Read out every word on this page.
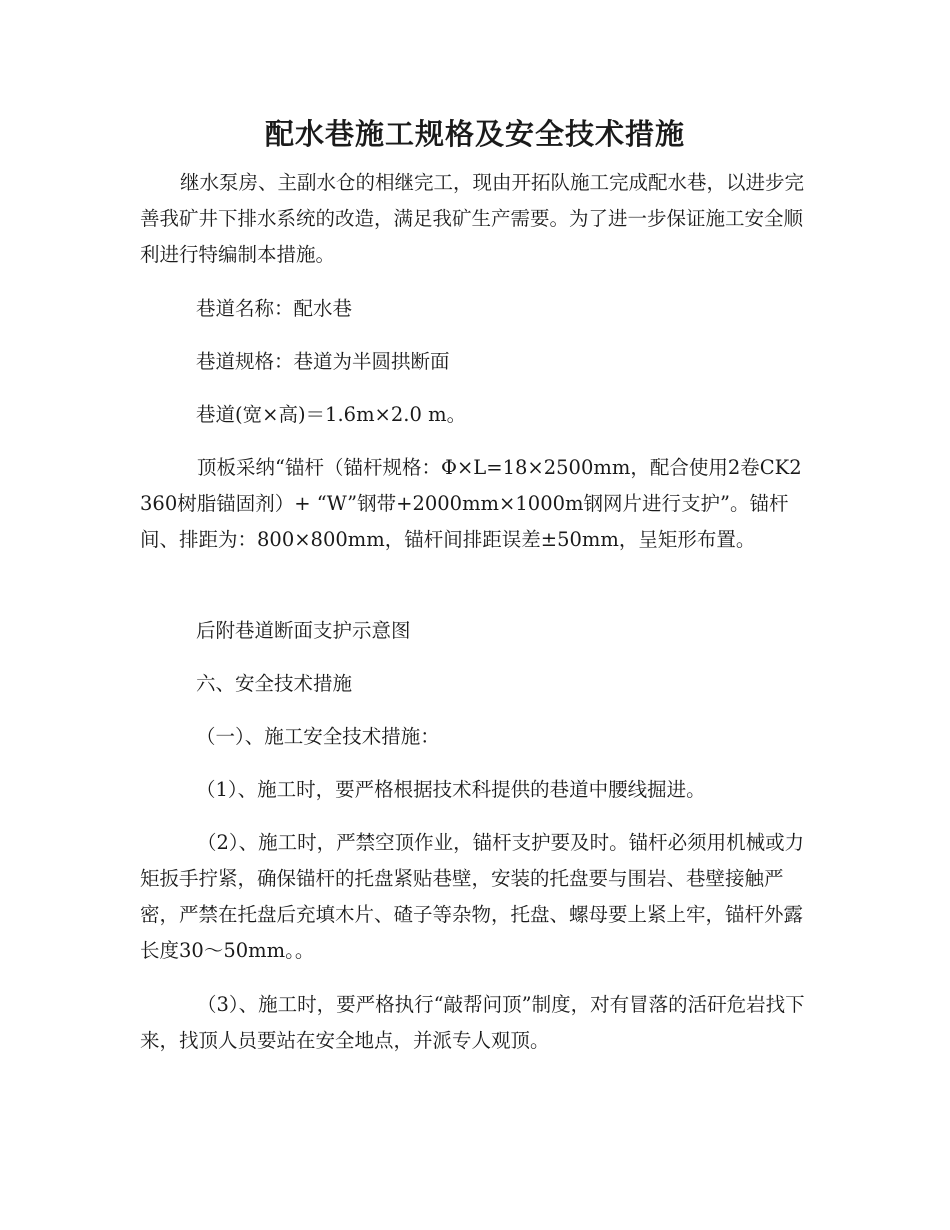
配水巷施工规格及安全技术措施
继水泵房、主副水仓的相继完工，现由开拓队施工完成配水巷，以进步完善我矿井下排水系统的改造，满足我矿生产需要。为了进一步保证施工安全顺利进行特编制本措施。
巷道名称：配水巷
巷道规格：巷道为半圆拱断面
巷道(宽×高)＝1.6m×2.0 m。
顶板采纳“锚杆（锚杆规格：Φ×L=18×2500mm，配合使用2卷CK2360树脂锚固剂）+ “W”钢带+2000mm×1000m钢网片进行支护”。锚杆间、排距为：800×800mm，锚杆间排距误差±50mm，呈矩形布置。
后附巷道断面支护示意图
六、安全技术措施
（一）、施工安全技术措施：
（1）、施工时，要严格根据技术科提供的巷道中腰线掘进。
（2）、施工时，严禁空顶作业，锚杆支护要及时。锚杆必须用机械或力矩扳手拧紧，确保锚杆的托盘紧贴巷壁，安装的托盘要与围岩、巷壁接触严密，严禁在托盘后充填木片、碴子等杂物，托盘、螺母要上紧上牢，锚杆外露长度30～50mm。。
（3）、施工时，要严格执行“敲帮问顶”制度，对有冒落的活矸危岩找下来，找顶人员要站在安全地点，并派专人观顶。
